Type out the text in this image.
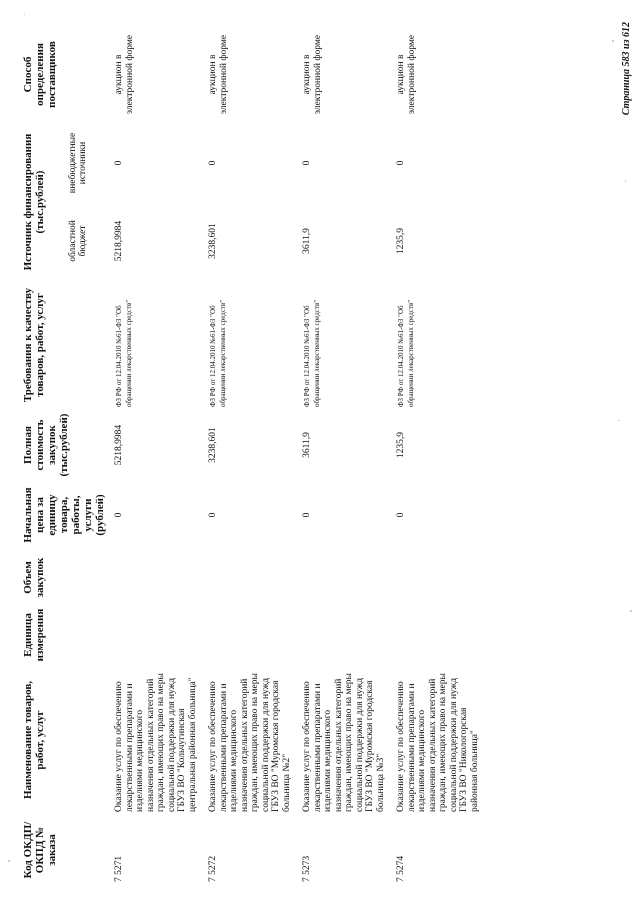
Код ОКДП/ ОКПД № заказа	Наименование товаров, работ, услуг	Единица измерения	Объем закупок	Начальная цена за единицу товара, работы, услуги (рублей)	Полная стоимость закупок (тыс.рублей)	Требования к качеству товаров, работ, услуг	Источник финансирования (тыс.рублей)		Способ определения поставщиков
							областной бюджет	внебюджетные источники	
7 5271	Оказание услуг по обеспечению лекарственными препаратами и изделиями медицинского назначения отдельных категорий граждан, имеющих право на меры социальной поддержки для нужд ГБУЗ ВО "Кольчугинская центральная районная больница"			0	5218,9984	ФЗ РФ от 12.04.2010 №61-ФЗ "Об обращении лекарственных средств"	5218,9984	0	аукцион в электронной форме
7 5272	Оказание услуг по обеспечению лекарственными препаратами и изделиями медицинского назначения отдельных категорий граждан, имеющих право на меры социальной поддержки для нужд ГБУЗ ВО "Муромская городская больница №2"			0	3238,601	ФЗ РФ от 12.04.2010 №61-ФЗ "Об обращении лекарственных средств"	3238,601	0	аукцион в электронной форме
7 5273	Оказание услуг по обеспечению лекарственными препаратами и изделиями медицинского назначения отдельных категорий граждан, имеющих право на меры социальной поддержки для нужд ГБУЗ ВО "Муромская городская больница №3"			0	3611,9	ФЗ РФ от 12.04.2010 №61-ФЗ "Об обращении лекарственных средств"	3611,9	0	аукцион в электронной форме
7 5274	Оказание услуг по обеспечению лекарственными препаратами и изделиями медицинского назначения отдельных категорий граждан, имеющих право на меры социальной поддержки для нужд ГБУЗ ВО "Никологорская районная больница"			0	1235,9	ФЗ РФ от 12.04.2010 №61-ФЗ "Об обращении лекарственных средств"	1235,9	0	аукцион в электронной форме	Страница 583 из 612
